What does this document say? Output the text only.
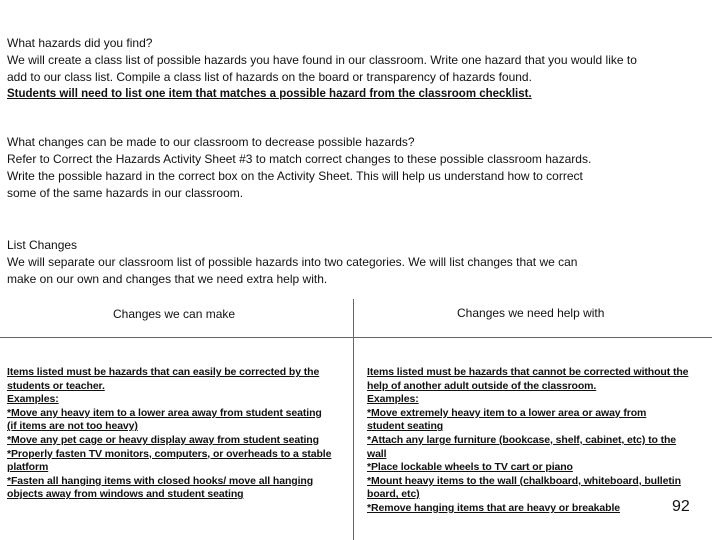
What hazards did you find?

We will create a class list of possible hazards you have found in our classroom. Write one hazard that you would like to

add to our class list. Compile a class list of hazards on the board or transparency of hazards found.

Students will need to list one item that matches a possible hazard from the classroom checklist.

What changes can be made to our classroom to decrease possible hazards?

Refer to Correct the Hazards Activity Sheet #3 to match correct changes to these possible classroom hazards.

Write the possible hazard in the correct box on the Activity Sheet. This will help us understand how to correct

some of the same hazards in our classroom.

List Changes

We will separate our classroom list of possible hazards into two categories. We will list changes that we can

make on our own and changes that we need extra help with.

Changes we can make	Changes we need help with
Items listed must be hazards that can easily be corrected by the
students or teacher.
Examples:
*Move any heavy item to a lower area away from student seating
(if items are not too heavy)
*Move any pet cage or heavy display away from student seating
*Properly fasten TV monitors, computers, or overheads to a stable
platform
*Fasten all hanging items with closed hooks/ move all hanging
objects away from windows and student seating
Items listed must be hazards that cannot be corrected without the
help of another adult outside of the classroom.
Examples:
*Move extremely heavy item to a lower area or away from
student seating
*Attach any large furniture (bookcase, shelf, cabinet, etc) to the
wall
*Place lockable wheels to TV cart or piano
*Mount heavy items to the wall (chalkboard, whiteboard, bulletin
board, etc)
*Remove hanging items that are heavy or breakable	92
